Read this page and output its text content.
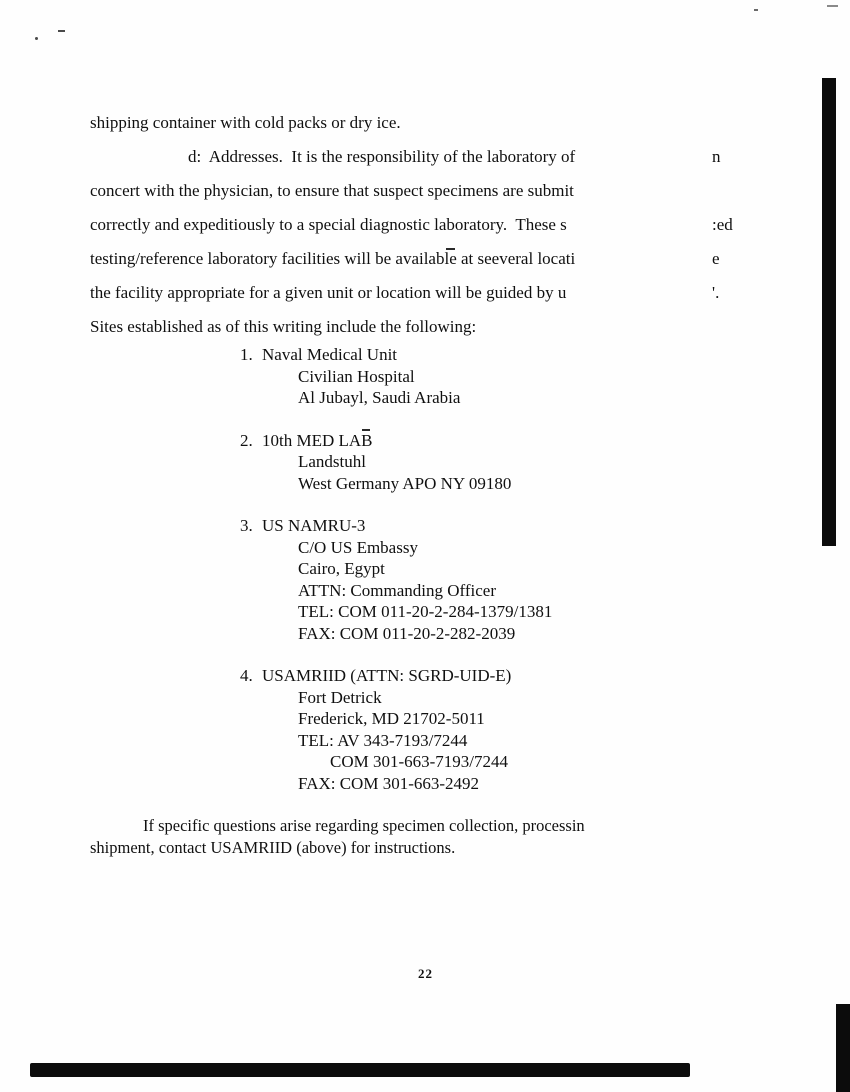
shipping container with cold packs or dry ice.
d:  Addresses.  It is the responsibility of the laboratory of	n
concert with the physician, to ensure that suspect specimens are submit
correctly and expeditiously to a special diagnostic laboratory.  These s	:ed
testing/reference laboratory facilities will be available at seeveral locati	e
the facility appropriate for a given unit or location will be guided by u	'.
Sites established as of this writing include the following:
1. Naval Medical Unit
Civilian Hospital
Al Jubayl, Saudi Arabia
2. 10th MED LAB
Landstuhl
West Germany APO NY 09180
3. US NAMRU-3
C/O US Embassy
Cairo, Egypt
ATTN: Commanding Officer
TEL: COM 011-20-2-284-1379/1381
FAX: COM 011-20-2-282-2039
4. USAMRIID (ATTN: SGRD-UID-E)
Fort Detrick
Frederick, MD 21702-5011
TEL: AV 343-7193/7244
COM 301-663-7193/7244
FAX: COM 301-663-2492
If specific questions arise regarding specimen collection, processin
shipment, contact USAMRIID (above) for instructions.
22
